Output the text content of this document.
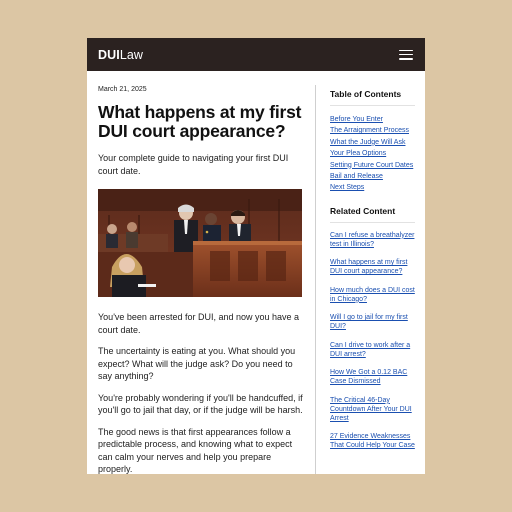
DUILaw
March 21, 2025
What happens at my first DUI court appearance?
Your complete guide to navigating your first DUI court date.

You've been arrested for DUI, and now you have a court date.

The uncertainty is eating at you. What should you expect? What will the judge ask? Do you need to say anything?

You're probably wondering if you'll be handcuffed, if you'll go to jail that day, or if the judge will be harsh.

The good news is that first appearances follow a predictable process, and knowing what to expect can calm your nerves and help you prepare properly.

Table of Contents
Before You Enter
The Arraignment Process
What the Judge Will Ask
Your Plea Options
Setting Future Court Dates
Bail and Release
Next Steps
Related Content
Can I refuse a breathalyzer test in Illinois?
What happens at my first DUI court appearance?
How much does a DUI cost in Chicago?
Will I go to jail for my first DUI?
Can I drive to work after a DUI arrest?
How We Got a 0.12 BAC Case Dismissed
The Critical 46-Day Countdown After Your DUI Arrest
27 Evidence Weaknesses That Could Help Your Case
